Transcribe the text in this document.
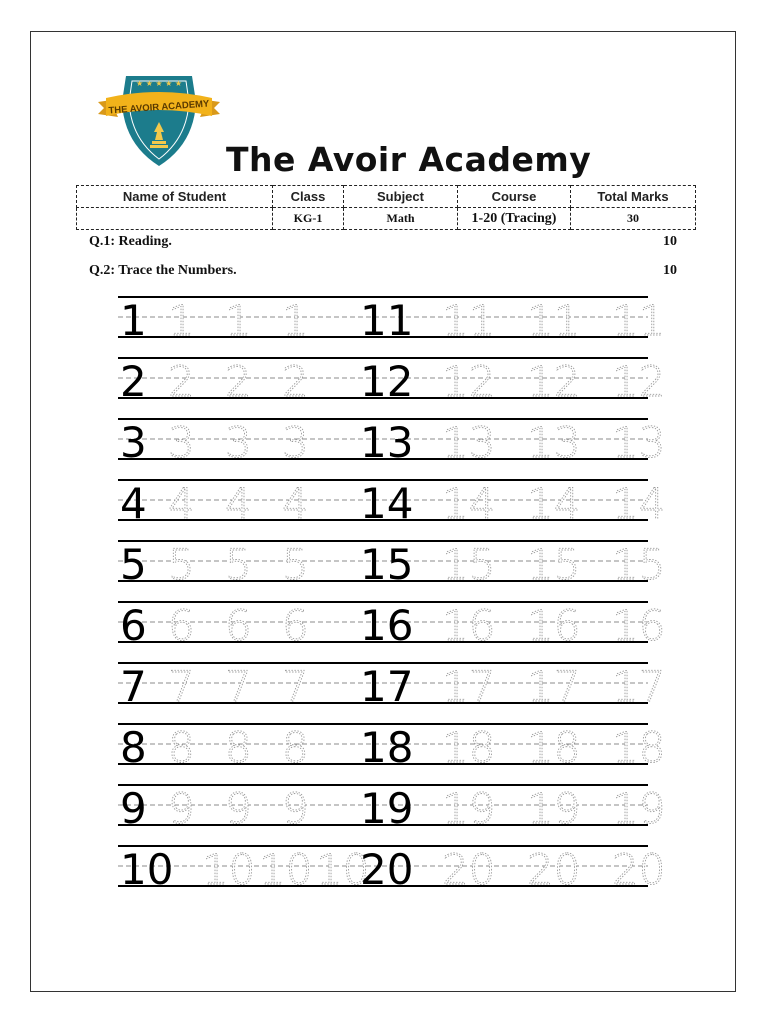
★ ★ ★ ★ ★
THE AVOIR ACADEMY
The Avoir Academy
Name of Student	Class	Subject	Course	Total Marks
	KG-1	Math	1-20 (Tracing)	30
Q.1: Reading.	10
Q.2: Trace the Numbers.	10
1 1 1 1 11 11 11 11
2 2 2 2 12 12 12 12
3 3 3 3 13 13 13 13
4 4 4 4 14 14 14 14
5 5 5 5 15 15 15 15
6 6 6 6 16 16 16 16
7 7 7 7 17 17 17 17
8 8 8 8 18 18 18 18
9 9 9 9 19 19 19 19
10 10 10 10
20 20 20 20
